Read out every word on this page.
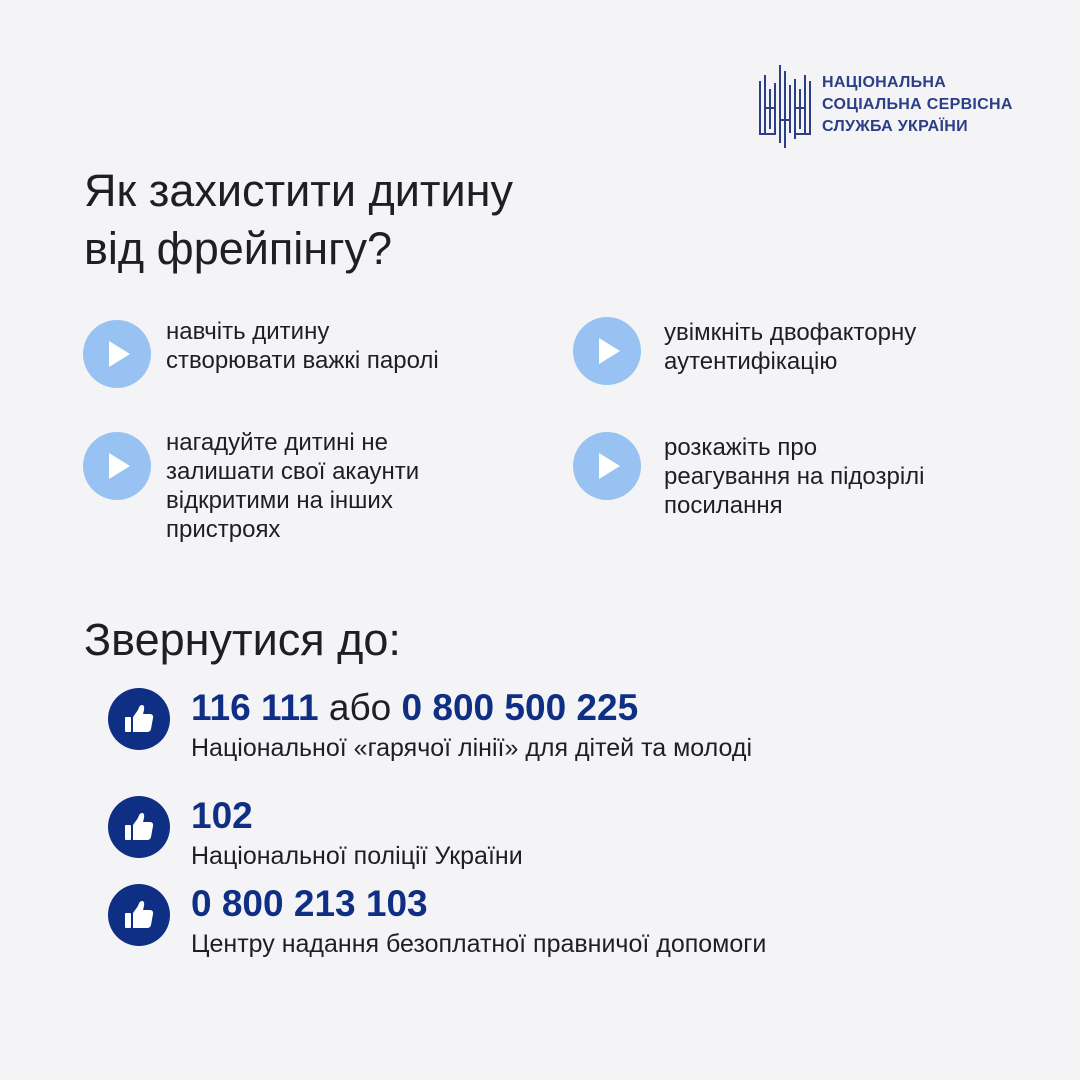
НАЦІОНАЛЬНА
СОЦІАЛЬНА СЕРВІСНА
СЛУЖБА УКРАЇНИ
Як захистити дитину
від фрейпінгу?
навчіть дитину
створювати важкі паролі
увімкніть двофакторну
аутентифікацію
нагадуйте дитині не
залишати свої акаунти
відкритими на інших
пристроях
розкажіть про
реагування на підозрілі
посилання
Звернутися до:
116 111 або 0 800 500 225
Національної «гарячої лінії» для дітей та молоді
102
Національної поліції України
0 800 213 103
Центру надання безоплатної правничої допомоги
